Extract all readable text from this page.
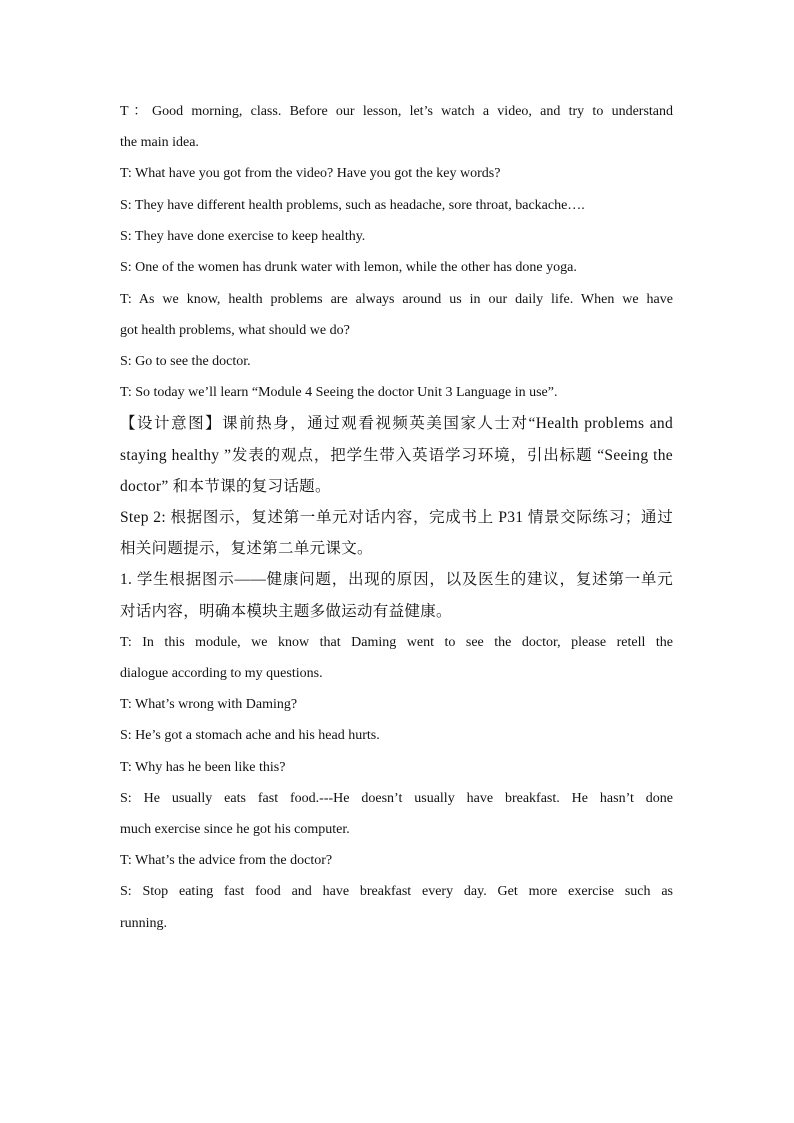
T：Good morning, class. Before our lesson, let’s watch a video, and try to understand
the main idea.
T: What have you got from the video? Have you got the key words?
S: They have different health problems, such as headache, sore throat, backache….
S: They have done exercise to keep healthy.
S: One of the women has drunk water with lemon, while the other has done yoga.
T: As we know, health problems are always around us in our daily life. When we have
got health problems, what should we do?
S: Go to see the doctor.
T: So today we’ll learn “Module 4 Seeing the doctor Unit 3 Language in use”.
【设计意图】课前热身，通过观看视频英美国家人士对“Health problems and
staying healthy ”发表的观点，把学生带入英语学习环境，引出标题 “Seeing the
doctor” 和本节课的复习话题。
Step 2: 根据图示，复述第一单元对话内容，完成书上 P31 情景交际练习；通过
相关问题提示，复述第二单元课文。
1. 学生根据图示——健康问题，出现的原因，以及医生的建议，复述第一单元
对话内容，明确本模块主题多做运动有益健康。
T: In this module, we know that Daming went to see the doctor, please retell the
dialogue according to my questions.
T: What’s wrong with Daming?
S: He’s got a stomach ache and his head hurts.
T: Why has he been like this?
S: He usually eats fast food.---He doesn’t usually have breakfast. He hasn’t done
much exercise since he got his computer.
T: What’s the advice from the doctor?
S: Stop eating fast food and have breakfast every day. Get more exercise such as
running.
